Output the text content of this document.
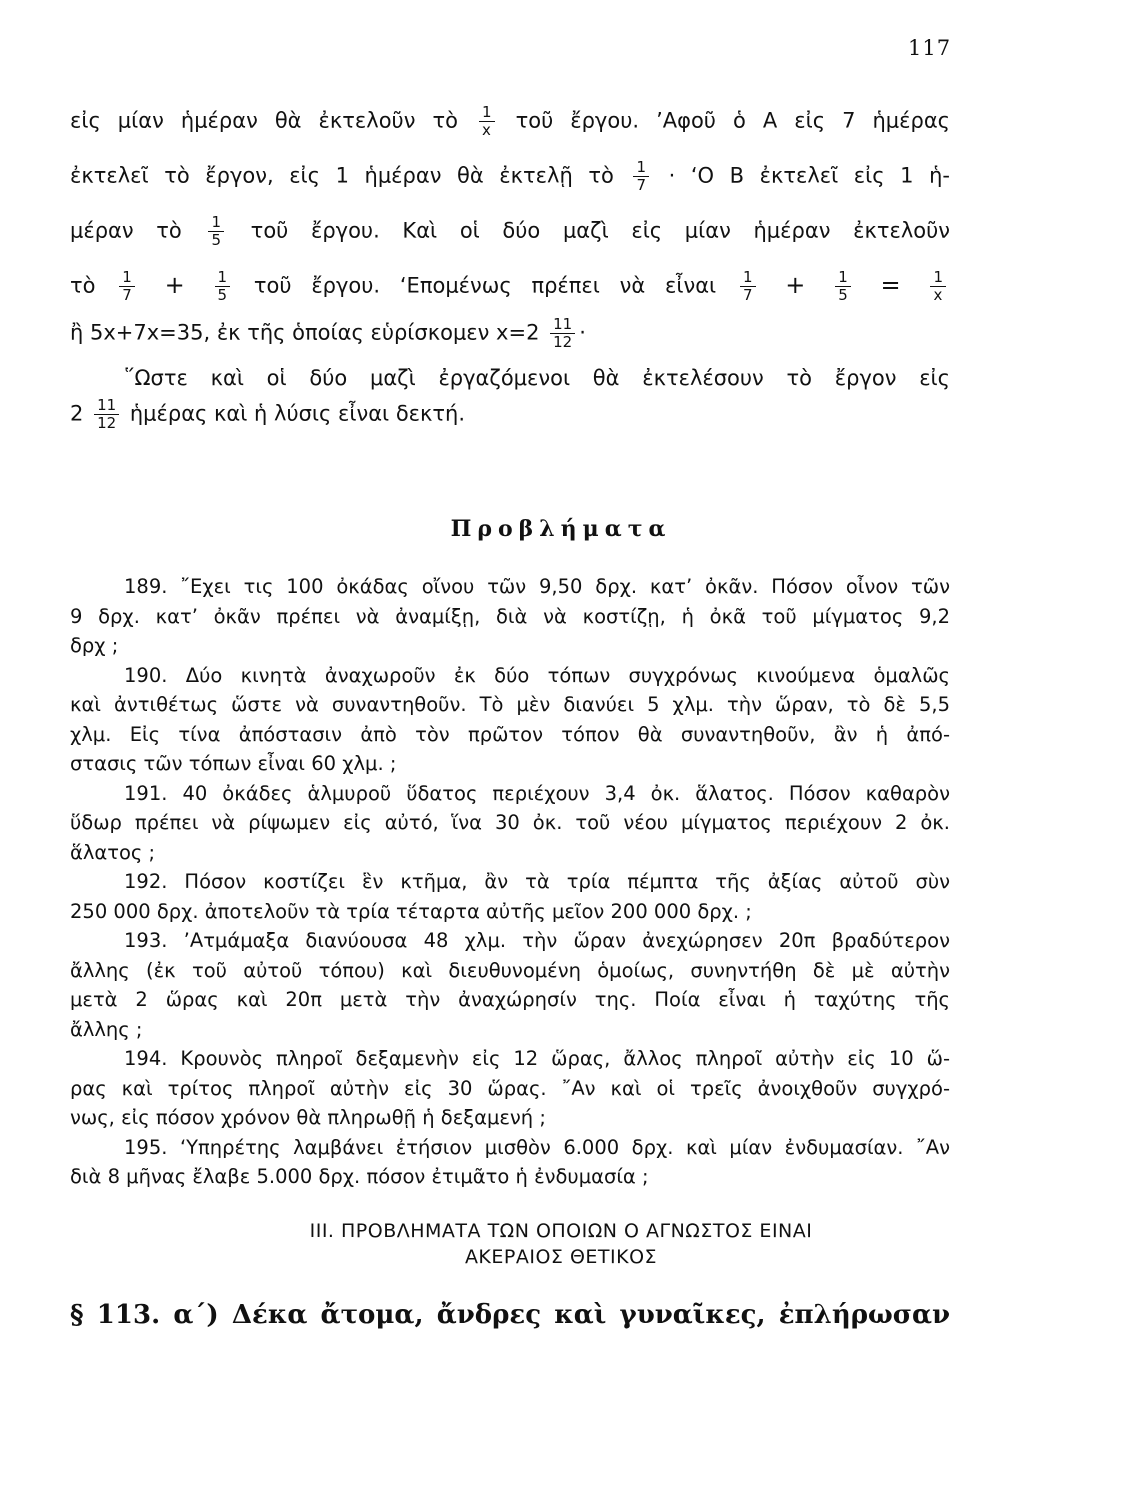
117
εἰς μίαν ἡμέραν θὰ ἐκτελοῦν τὸ $\frac{1}{x}$ τοῦ ἔργου. ’Αφοῦ ὁ Α εἰς 7 ἡμέρας
ἐκτελεῖ τὸ ἔργον, εἰς 1 ἡμέραν θὰ ἐκτελῇ τὸ $\frac{1}{7}$ · ‘Ο Β ἐκτελεῖ εἰς 1 ἡ-
μέραν τὸ $\frac{1}{5}$ τοῦ ἔργου. Καὶ οἱ δύο μαζὶ εἰς μίαν ἡμέραν ἐκτελοῦν
τὸ $\frac{1}{7} + \frac{1}{5}$ τοῦ ἔργου. ‘Επομένως πρέπει νὰ εἶναι $\frac{1}{7} + \frac{1}{5} = \frac{1}{x}$
ἢ 5x+7x=35, ἐκ τῆς ὁποίας εὑρίσκομεν $x=2 \frac{11}{12}$ ·
῞Ωστε καὶ οἱ δύο μαζὶ ἐργαζόμενοι θὰ ἐκτελέσουν τὸ ἔργον εἰς
$2 \frac{11}{12}$ ἡμέρας καὶ ἡ λύσις εἶναι δεκτή.
Προβλήματα
189. ῎Εχει τις 100 ὀκάδας οἴνου τῶν 9,50 δρχ. κατ’ ὀκᾶν. Πόσον οἶνον τῶν
9 δρχ. κατ’ ὀκᾶν πρέπει νὰ ἀναμίξῃ, διὰ νὰ κοστίζῃ, ἡ ὀκᾶ τοῦ μίγματος 9,2
δρχ ;
190. Δύο κινητὰ ἀναχωροῦν ἐκ δύο τόπων συγχρόνως κινούμενα ὁμαλῶς
καὶ ἀντιθέτως ὥστε νὰ συναντηθοῦν. Τὸ μὲν διανύει 5 χλμ. τὴν ὥραν, τὸ δὲ 5,5
χλμ. Εἰς τίνα ἀπόστασιν ἀπὸ τὸν πρῶτον τόπον θὰ συναντηθοῦν, ἂν ἡ ἀπό-
στασις τῶν τόπων εἶναι 60 χλμ. ;
191. 40 ὀκάδες ἁλμυροῦ ὕδατος περιέχουν 3,4 ὀκ. ἅλατος. Πόσον καθαρὸν
ὕδωρ πρέπει νὰ ρίψωμεν εἰς αὐτό, ἵνα 30 ὀκ. τοῦ νέου μίγματος περιέχουν 2 ὀκ.
ἅλατος ;
192. Πόσον κοστίζει ἓν κτῆμα, ἂν τὰ τρία πέμπτα τῆς ἀξίας αὐτοῦ σὺν
250 000 δρχ. ἀποτελοῦν τὰ τρία τέταρτα αὐτῆς μεῖον 200 000 δρχ. ;
193. ’Ατμάμαξα διανύουσα 48 χλμ. τὴν ὥραν ἀνεχώρησεν 20π βραδύτερον
ἄλλης (ἐκ τοῦ αὐτοῦ τόπου) καὶ διευθυνομένη ὁμοίως, συνηντήθη δὲ μὲ αὐτὴν
μετὰ 2 ὥρας καὶ 20π μετὰ τὴν ἀναχώρησίν της. Ποία εἶναι ἡ ταχύτης τῆς
ἄλλης ;
194. Κρουνὸς πληροῖ δεξαμενὴν εἰς 12 ὥρας, ἄλλος πληροῖ αὐτὴν εἰς 10 ὥ-
ρας καὶ τρίτος πληροῖ αὐτὴν εἰς 30 ὥρας. ῎Αν καὶ οἱ τρεῖς ἀνοιχθοῦν συγχρό-
νως, εἰς πόσον χρόνον θὰ πληρωθῇ ἡ δεξαμενή ;
195. ‘Υπηρέτης λαμβάνει ἐτήσιον μισθὸν 6.000 δρχ. καὶ μίαν ἐνδυμασίαν. ῎Αν
διὰ 8 μῆνας ἔλαβε 5.000 δρχ. πόσον ἐτιμᾶτο ἡ ἐνδυμασία ;
III. ΠΡΟΒΛΗΜΑΤΑ ΤΩΝ ΟΠΟΙΩΝ Ο ΑΓΝΩΣΤΟΣ ΕΙΝΑΙ
ΑΚΕΡΑΙΟΣ ΘΕΤΙΚΟΣ
§ 113. α΄) Δέκα ἄτομα, ἄνδρες καὶ γυναῖκες, ἐπλήρωσαν
